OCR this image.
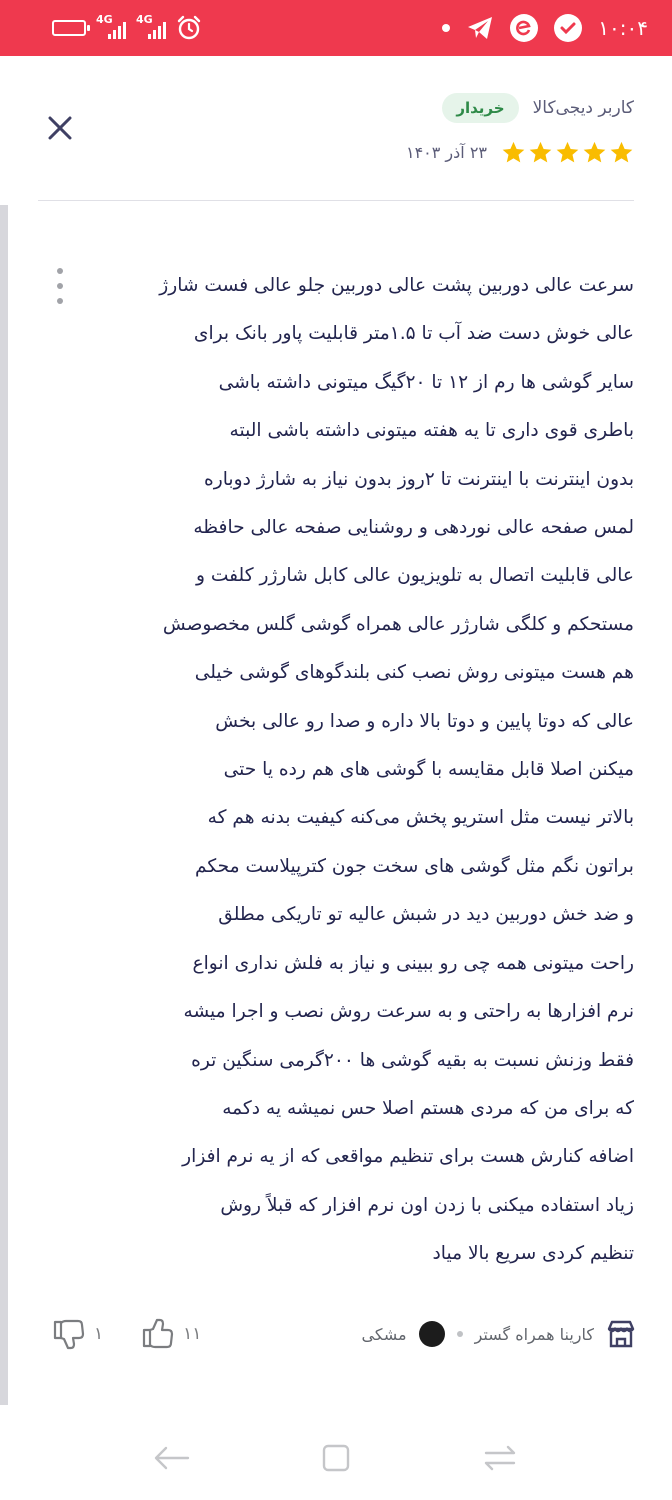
4G 4G	۱۰:۰۴
کاربر دیجی‌کالا
خریدار
۲۳ آذر ۱۴۰۳
سرعت عالی دوربین پشت عالی دوربین جلو عالی فست شارژ
عالی خوش دست ضد آب تا ۱.۵متر قابلیت پاور بانک برای
سایر گوشی ها رم از ۱۲ تا ۲۰گیگ میتونی داشته باشی
باطری قوی داری تا یه هفته میتونی داشته باشی البته
بدون اینترنت با اینترنت تا ۲روز بدون نیاز به شارژ دوباره
لمس صفحه عالی نوردهی و روشنایی صفحه عالی حافظه
عالی قابلیت اتصال به تلویزیون عالی کابل شارژر کلفت و
مستحکم و کلگی شارژر عالی همراه گوشی گلس مخصوصش
هم هست میتونی روش نصب کنی بلندگوهای گوشی خیلی
عالی که دوتا پایین و دوتا بالا داره و صدا رو عالی بخش
میکنن اصلا قابل مقایسه با گوشی های هم رده یا حتی
بالاتر نیست مثل استریو پخش می‌کنه کیفیت بدنه هم که
براتون نگم مثل گوشی های سخت جون کترپیلاست محکم
و ضد خش دوربین دید در شبش عالیه تو تاریکی مطلق
راحت میتونی همه چی رو ببینی و نیاز به فلش نداری انواع
نرم افزارها به راحتی و به سرعت روش نصب و اجرا میشه
فقط وزنش نسبت به بقیه گوشی ها ۲۰۰گرمی سنگین تره
که برای من که مردی هستم اصلا حس نمیشه یه دکمه
اضافه کنارش هست برای تنظیم مواقعی که از یه نرم افزار
زیاد استفاده میکنی با زدن اون نرم افزار که قبلاً روش
تنظیم کردی سریع بالا میاد
کارینا همراه گستر
مشکی
۱	۱۱
